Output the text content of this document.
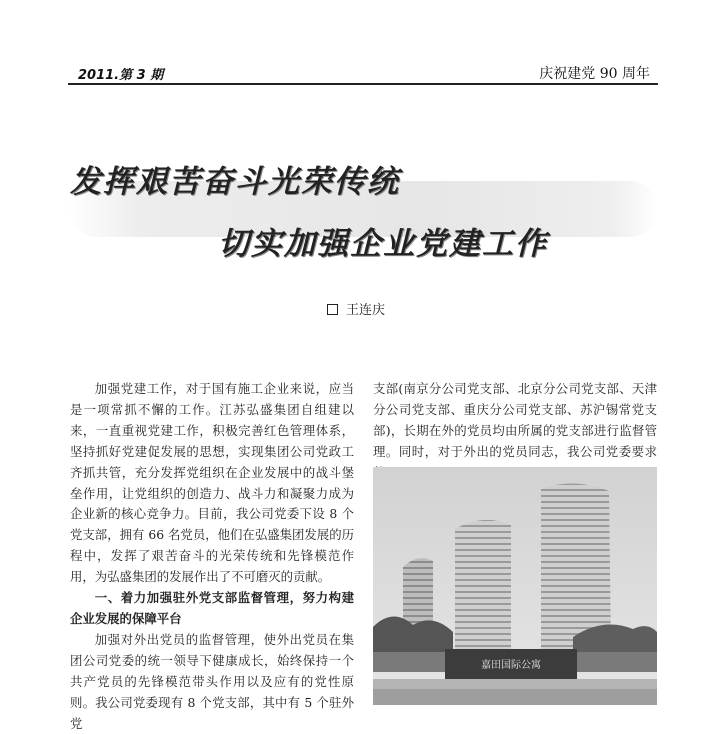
2011.第 3 期	庆祝建党 90 周年
发挥艰苦奋斗光荣传统
切实加强企业党建工作
王连庆

加强党建工作，对于国有施工企业来说，应当是一项常抓不懈的工作。江苏弘盛集团自组建以来，一直重视党建工作，积极完善红色管理体系，坚持抓好党建促发展的思想，实现集团公司党政工齐抓共管，充分发挥党组织在企业发展中的战斗堡垒作用，让党组织的创造力、战斗力和凝聚力成为企业新的核心竞争力。目前，我公司党委下设 8 个党支部，拥有 66 名党员，他们在弘盛集团发展的历程中，发挥了艰苦奋斗的光荣传统和先锋模范作用，为弘盛集团的发展作出了不可磨灭的贡献。

一、着力加强驻外党支部监督管理，努力构建企业发展的保障平台

加强对外出党员的监督管理，使外出党员在集团公司党委的统一领导下健康成长，始终保持一个共产党员的先锋模范带头作用以及应有的党性原则。我公司党委现有 8 个党支部，其中有 5 个驻外党

支部(南京分公司党支部、北京分公司党支部、天津分公司党支部、重庆分公司党支部、苏沪锡常党支部)，长期在外的党员均由所属的党支部进行监督管理。同时，对于外出的党员同志，我公司党委要求

嘉田国际公寓
